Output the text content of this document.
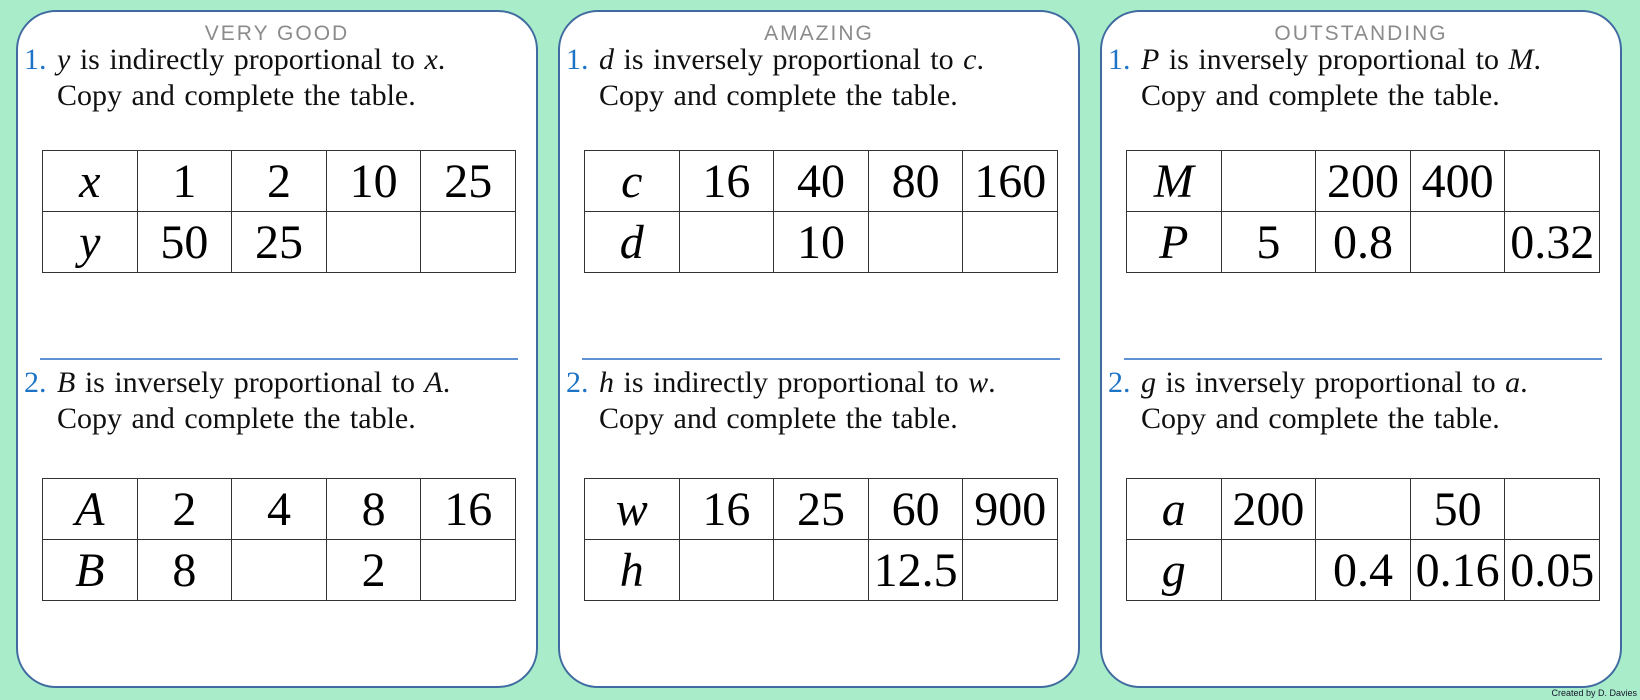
VERY GOOD
1. y is indirectly proportional to x.
Copy and complete the table.
x	1	2	10	25
y	50	25		
2. B is inversely proportional to A.
Copy and complete the table.
A	2	4	8	16
B	8		2	
AMAZING
1. d is inversely proportional to c.
Copy and complete the table.
c	16	40	80	160
d		10		
2. h is indirectly proportional to w.
Copy and complete the table.
w	16	25	60	900
h			12.5	
OUTSTANDING
1. P is inversely proportional to M.
Copy and complete the table.
M		200	400	
P	5	0.8		0.32
2. g is inversely proportional to a.
Copy and complete the table.
a	200		50	
g		0.4	0.16	0.05
Created by D. Davies
